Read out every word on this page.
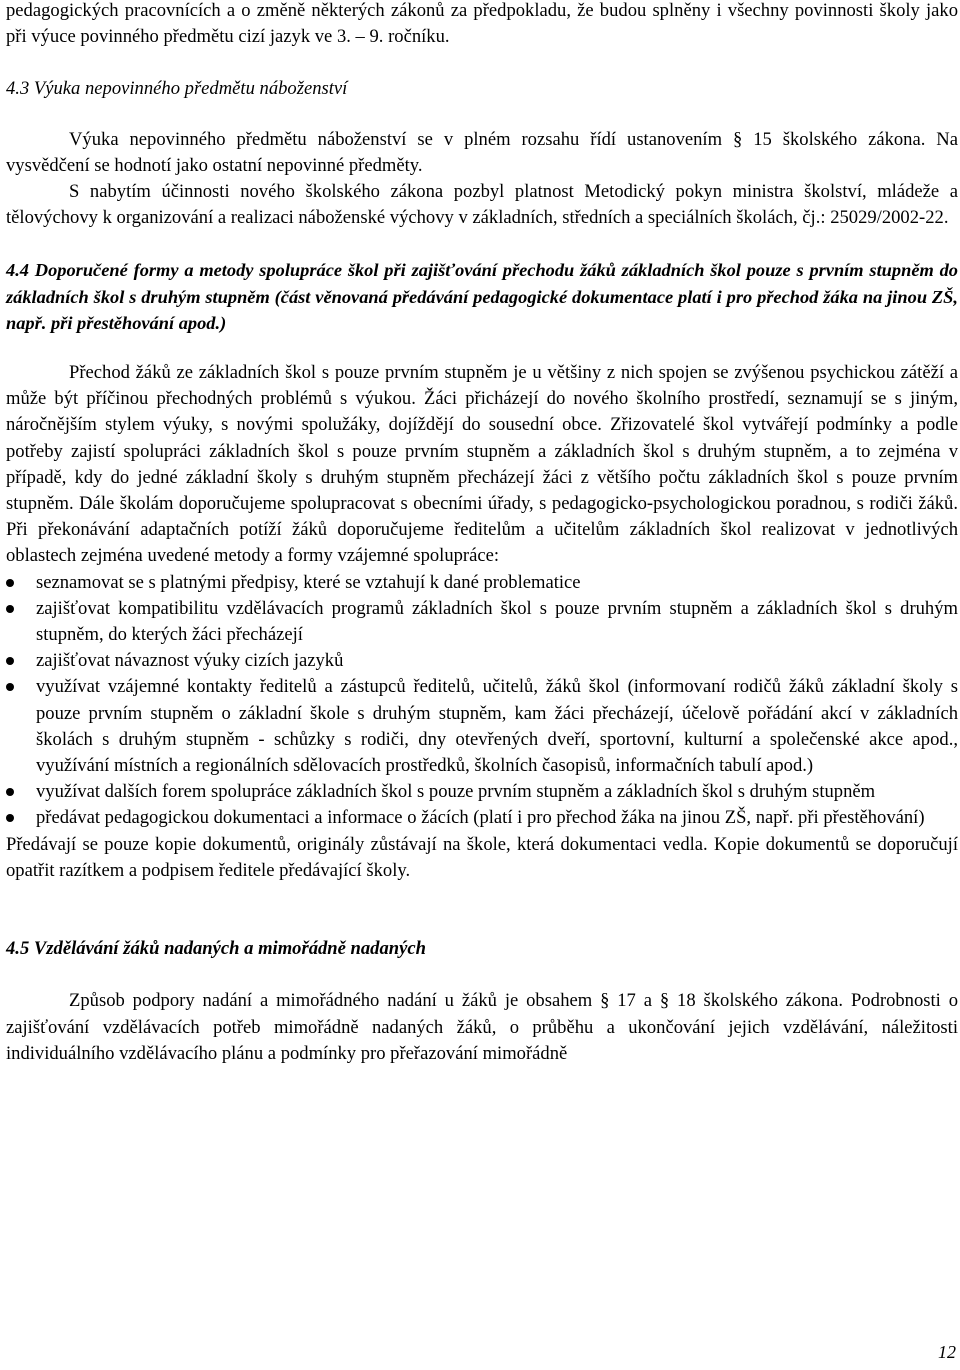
pedagogických pracovnících a o změně některých zákonů za předpokladu, že budou splněny i všechny povinnosti školy jako při výuce povinného předmětu cizí jazyk ve 3. – 9. ročníku.

4.3 Výuka nepovinného předmětu náboženství

Výuka nepovinného předmětu náboženství se v plném rozsahu řídí ustanovením § 15 školského zákona. Na vysvědčení se hodnotí jako ostatní nepovinné předměty.

S nabytím účinnosti nového školského zákona pozbyl platnost Metodický pokyn ministra školství, mládeže a tělovýchovy k organizování a realizaci náboženské výchovy v základních, středních a speciálních školách, čj.: 25029/2002-22.

4.4 Doporučené formy a metody spolupráce škol při zajišťování přechodu žáků základních škol pouze s prvním stupněm do základních škol s druhým stupněm (část věnovaná předávání pedagogické dokumentace platí i pro přechod žáka na jinou ZŠ, např. při přestěhování apod.)

Přechod žáků ze základních škol s pouze prvním stupněm je u většiny z nich spojen se zvýšenou psychickou zátěží a může být příčinou přechodných problémů s výukou. Žáci přicházejí do nového školního prostředí, seznamují se s jiným, náročnějším stylem výuky, s novými spolužáky, dojíždějí do sousední obce. Zřizovatelé škol vytvářejí podmínky a podle potřeby zajistí spolupráci základních škol s pouze prvním stupněm a základních škol s druhým stupněm, a to zejména v případě, kdy do jedné základní školy s druhým stupněm přecházejí žáci z většího počtu základních škol s pouze prvním stupněm. Dále školám doporučujeme spolupracovat s obecními úřady, s pedagogicko-psychologickou poradnou, s rodiči žáků. Při překonávání adaptačních potíží žáků doporučujeme ředitelům a učitelům základních škol realizovat v jednotlivých oblastech zejména uvedené metody a formy vzájemné spolupráce:

seznamovat se s platnými předpisy, které se vztahují k dané problematice
zajišťovat kompatibilitu vzdělávacích programů základních škol s pouze prvním stupněm a základních škol s druhým stupněm, do kterých žáci přecházejí
zajišťovat návaznost výuky cizích jazyků
využívat vzájemné kontakty ředitelů a zástupců ředitelů, učitelů, žáků škol (informovaní rodičů žáků základní školy s pouze prvním stupněm o základní škole s druhým stupněm, kam žáci přecházejí, účelově pořádání akcí v základních školách s druhým stupněm - schůzky s rodiči, dny otevřených dveří, sportovní, kulturní a společenské akce apod., využívání místních a regionálních sdělovacích prostředků, školních časopisů, informačních tabulí apod.)
využívat dalších forem spolupráce základních škol s pouze prvním stupněm a základních škol s druhým stupněm
předávat pedagogickou dokumentaci a informace o žácích (platí i pro přechod žáka na jinou ZŠ, např. při přestěhování)

Předávají se pouze kopie dokumentů, originály zůstávají na škole, která dokumentaci vedla. Kopie dokumentů se doporučují opatřit razítkem a podpisem ředitele předávající školy.

4.5 Vzdělávání žáků nadaných a mimořádně nadaných

Způsob podpory nadání a mimořádného nadání u žáků je obsahem § 17 a § 18 školského zákona. Podrobnosti o zajišťování vzdělávacích potřeb mimořádně nadaných žáků, o průběhu a ukončování jejich vzdělávání, náležitosti individuálního vzdělávacího plánu a podmínky pro přeřazování mimořádně

12
